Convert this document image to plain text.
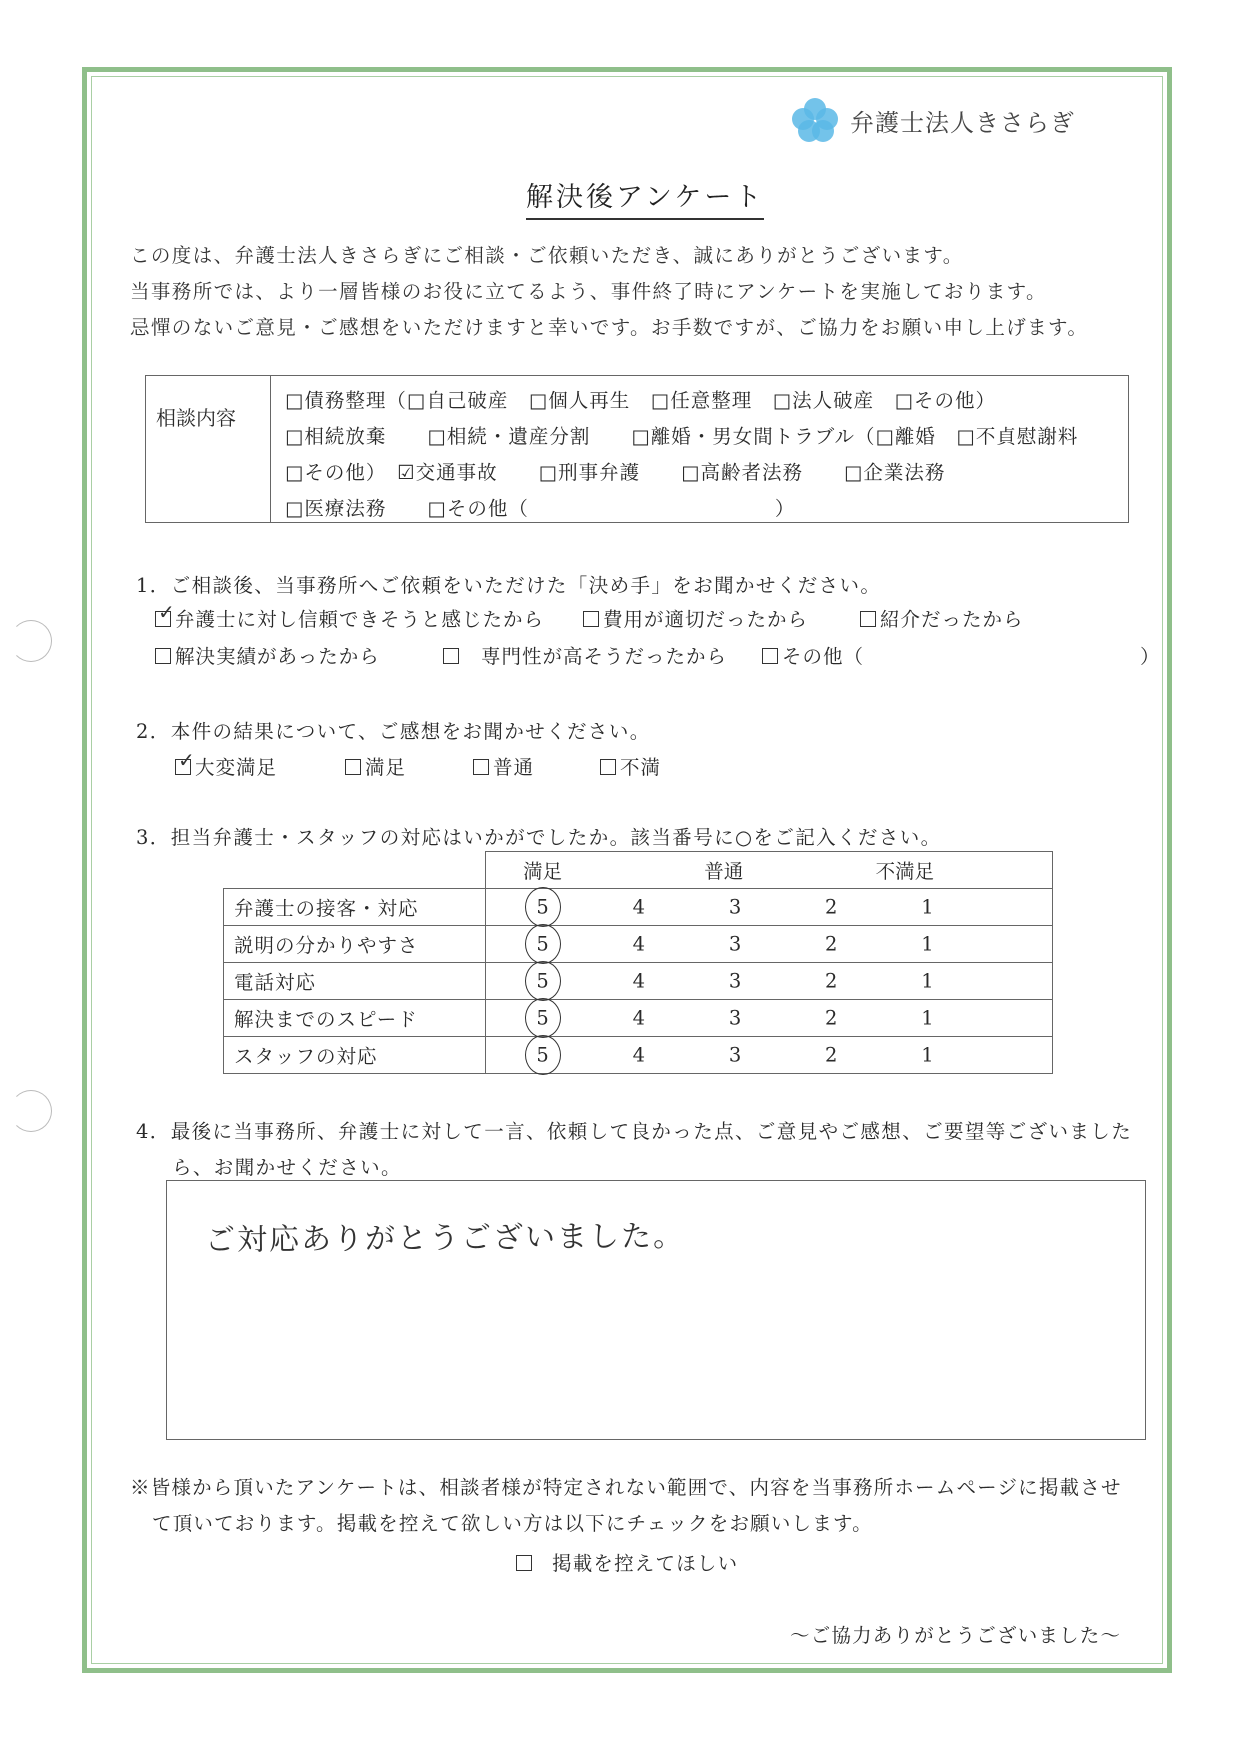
弁護士法人きさらぎ
解決後アンケート
この度は、弁護士法人きさらぎにご相談・ご依頼いただき、誠にありがとうございます。
当事務所では、より一層皆様のお役に立てるよう、事件終了時にアンケートを実施しております。
忌憚のないご意見・ご感想をいただけますと幸いです。お手数ですが、ご協力をお願い申し上げます。
相談内容	
□債務整理（□自己破産　□個人再生　□任意整理　□法人破産　□その他）
□相続放棄　　□相続・遺産分割　　□離婚・男女間トラブル（□離婚　□不貞慰謝料
□その他）　☑交通事故　　□刑事弁護　　□高齢者法務　　□企業法務
□医療法務　　□その他（　　　　　　　　　　　　）
1．ご相談後、当事務所へご依頼をいただけた「決め手」をお聞かせください。
✓弁護士に対し信頼できそうと感じたから	費用が適切だったから	紹介だったから
解決実績があったから	専門性が高そうだったから	その他（	）
2．本件の結果について、ご感想をお聞かせください。
✓大変満足	満足	普通	不満
3．担当弁護士・スタッフの対応はいかがでしたか。該当番号に○をご記入ください。

	満足 普通 不満足

弁護士の接客・対応	5 4 3 2 1

説明の分かりやすさ	5 4 3 2 1

電話対応	5 4 3 2 1

解決までのスピード	5 4 3 2 1

スタッフの対応	5 4 3 2 1
4．最後に当事務所、弁護士に対して一言、依頼して良かった点、ご意見やご感想、ご要望等ございました
ら、お聞かせください。
ご対応ありがとうございました。
※皆様から頂いたアンケートは、相談者様が特定されない範囲で、内容を当事務所ホームページに掲載させ
て頂いております。掲載を控えて欲しい方は以下にチェックをお願いします。
掲載を控えてほしい
～ご協力ありがとうございました～
